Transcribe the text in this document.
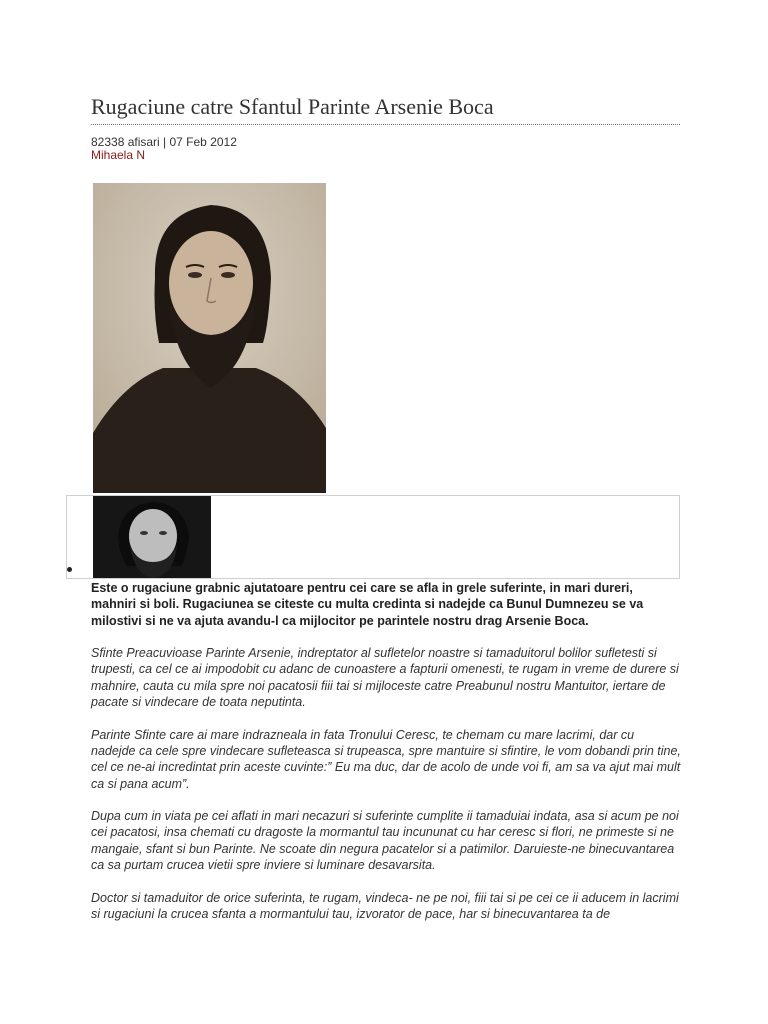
Rugaciune catre Sfantul Parinte Arsenie Boca
82338 afisari | 07 Feb 2012
Mihaela N

Este o rugaciune grabnic ajutatoare pentru cei care se afla in grele suferinte, in mari dureri, mahniri si boli. Rugaciunea se citeste cu multa credinta si nadejde ca Bunul Dumnezeu se va milostivi si ne va ajuta avandu-l ca mijlocitor pe parintele nostru drag Arsenie Boca.

Sfinte Preacuvioase Parinte Arsenie, indreptator al sufletelor noastre si tamaduitorul bolilor sufletesti si trupesti, ca cel ce ai impodobit cu adanc de cunoastere a fapturii omenesti, te rugam in vreme de durere si mahnire, cauta cu mila spre noi pacatosii fiii tai si mijloceste catre Preabunul nostru Mantuitor, iertare de pacate si vindecare de toata neputinta.

Parinte Sfinte care ai mare indrazneala in fata Tronului Ceresc, te chemam cu mare lacrimi, dar cu nadejde ca cele spre vindecare sufleteasca si trupeasca, spre mantuire si sfintire, le vom dobandi prin tine, cel ce ne-ai incredintat prin aceste cuvinte:” Eu ma duc, dar de acolo de unde voi fi, am sa va ajut mai mult ca si pana acum”.

Dupa cum in viata pe cei aflati in mari necazuri si suferinte cumplite ii tamaduiai indata, asa si acum pe noi cei pacatosi, insa chemati cu dragoste la mormantul tau incununat cu har ceresc si flori, ne primeste si ne mangaie, sfant si bun Parinte. Ne scoate din negura pacatelor si a patimilor. Daruieste-ne binecuvantarea ca sa purtam crucea vietii spre inviere si luminare desavarsita.

Doctor si tamaduitor de orice suferinta, te rugam, vindeca- ne pe noi, fiii tai si pe cei ce ii aducem in lacrimi si rugaciuni la crucea sfanta a mormantului tau, izvorator de pace, har si binecuvantarea ta de
